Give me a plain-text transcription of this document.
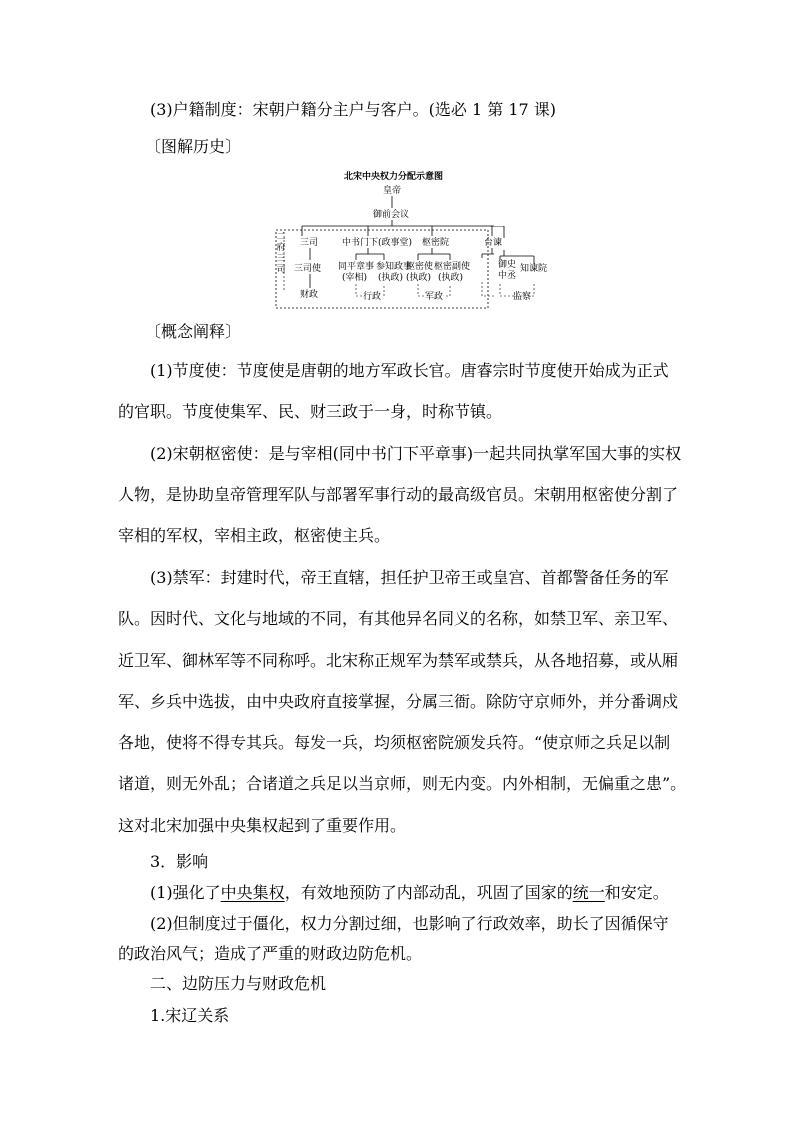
(3)户籍制度：宋朝户籍分主户与客户。(选必 1 第 17 课)
〔图解历史〕
北宋中央权力分配示意图
皇帝
御前会议
二府三司
三司
三司使
财政
中书门下(政事堂)
同平章事
(宰相)
参知政事
(执政)
行政
枢密院
枢密使
(执政)
枢密副使
(执政)
军政
台谏
御史
中丞
知谏院
监察
〔概念阐释〕
(1)节度使：节度使是唐朝的地方军政长官。唐睿宗时节度使开始成为正式
的官职。节度使集军、民、财三政于一身，时称节镇。
(2)宋朝枢密使：是与宰相(同中书门下平章事)一起共同执掌军国大事的实权
人物，是协助皇帝管理军队与部署军事行动的最高级官员。宋朝用枢密使分割了
宰相的军权，宰相主政，枢密使主兵。
(3)禁军：封建时代，帝王直辖，担任护卫帝王或皇宫、首都警备任务的军
队。因时代、文化与地域的不同，有其他异名同义的名称，如禁卫军、亲卫军、
近卫军、御林军等不同称呼。北宋称正规军为禁军或禁兵，从各地招募，或从厢
军、乡兵中选拔，由中央政府直接掌握，分属三衙。除防守京师外，并分番调戍
各地，使将不得专其兵。每发一兵，均须枢密院颁发兵符。“使京师之兵足以制
诸道，则无外乱；合诸道之兵足以当京师，则无内变。内外相制，无偏重之患”。
这对北宋加强中央集权起到了重要作用。
3．影响
(1)强化了中央集权，有效地预防了内部动乱，巩固了国家的统一和安定。
(2)但制度过于僵化，权力分割过细，也影响了行政效率，助长了因循保守
的政治风气；造成了严重的财政边防危机。
二、边防压力与财政危机
1.宋辽关系
